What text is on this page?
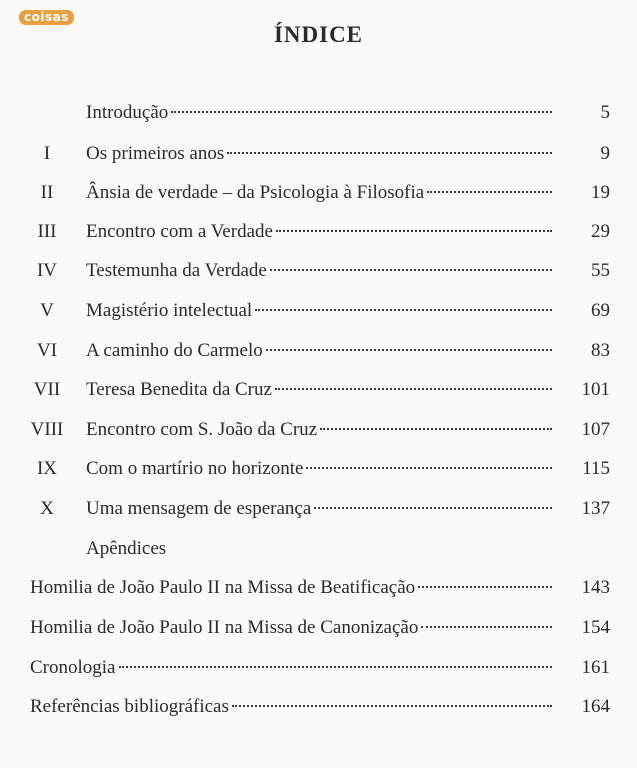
coisas
ÍNDICE
Introdução	5
I	Os primeiros anos	9
II	Ânsia de verdade – da Psicologia à Filosofia	19
III	Encontro com a Verdade	29
IV	Testemunha da Verdade	55
V	Magistério intelectual	69
VI	A caminho do Carmelo	83
VII	Teresa Benedita da Cruz	101
VIII	Encontro com S. João da Cruz	107
IX	Com o martírio no horizonte	115
X	Uma mensagem de esperança	137
Apêndices
Homilia de João Paulo II na Missa de Beatificação	143
Homilia de João Paulo II na Missa de Canonização	154
Cronologia	161
Referências bibliográficas	164
